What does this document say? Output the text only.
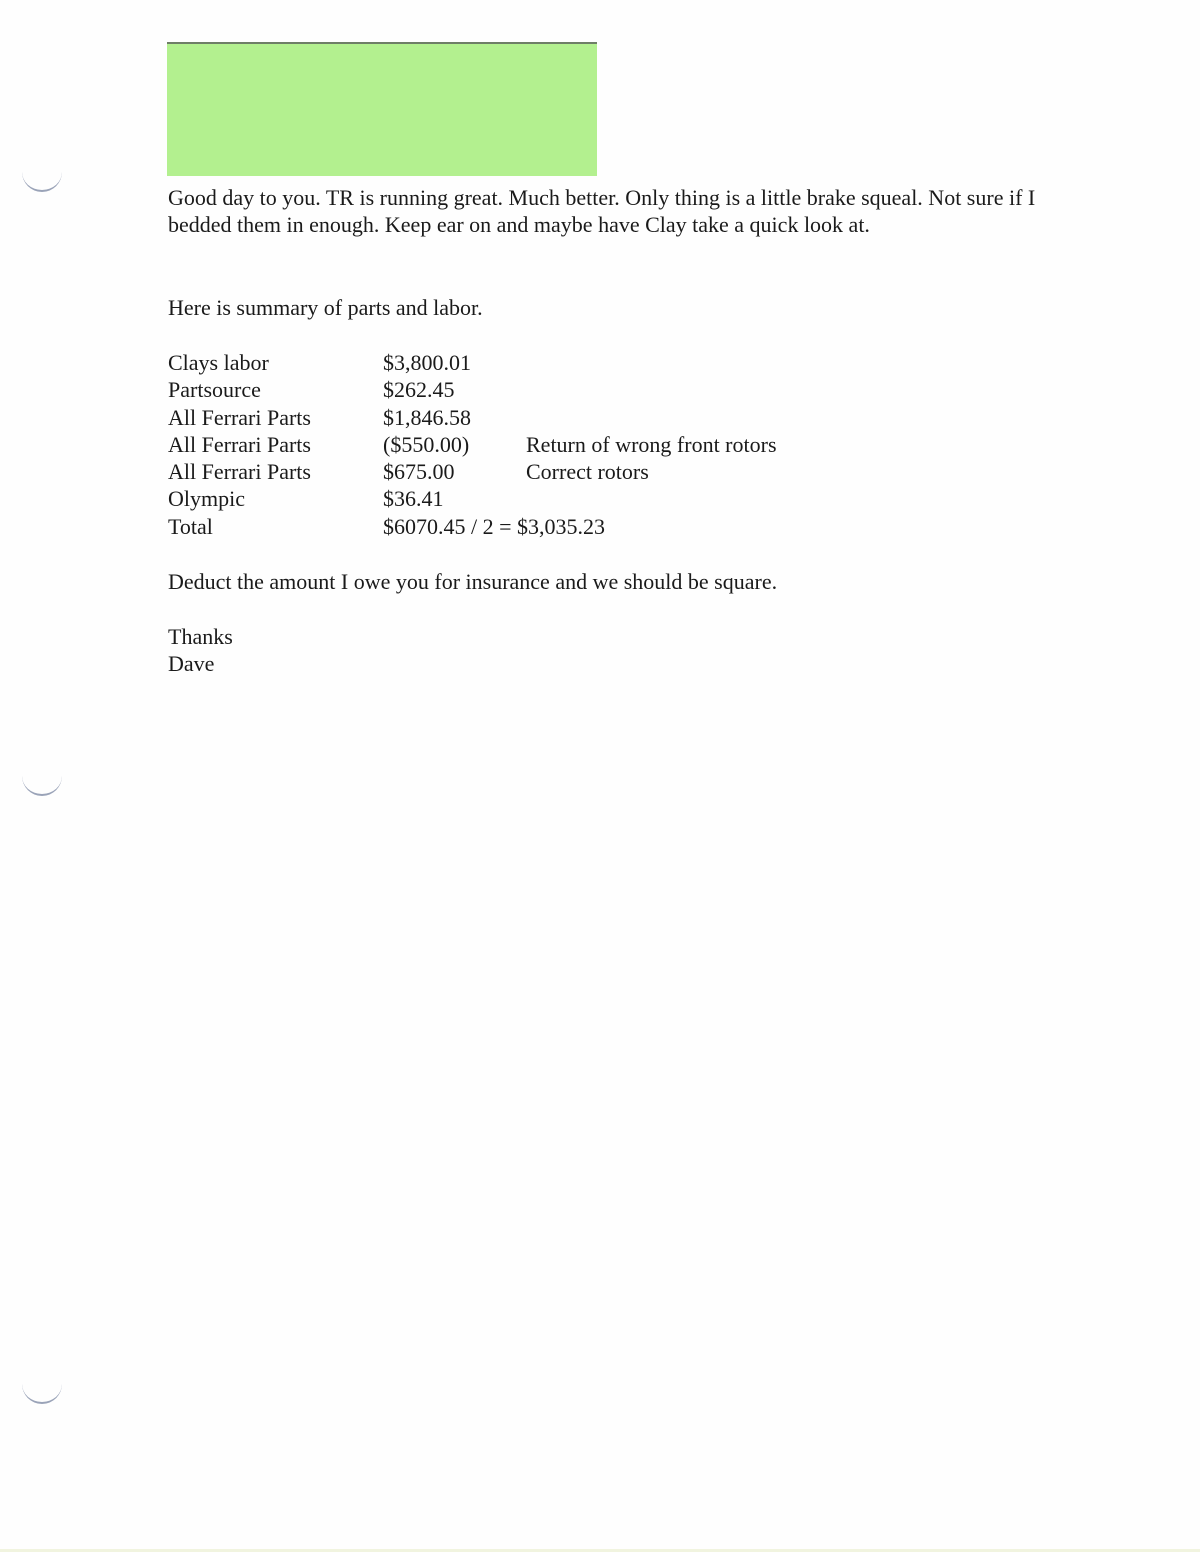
Good day to you. TR is running great. Much better. Only thing is a little brake squeal. Not sure if I bedded them in enough. Keep ear on and maybe have Clay take a quick look at.
Here is summary of parts and labor.
Clays labor	$3,800.01
Partsource	$262.45
All Ferrari Parts	$1,846.58
All Ferrari Parts	($550.00)	Return of wrong front rotors
All Ferrari Parts	$675.00	Correct rotors
Olympic	$36.41
Total	$6070.45 / 2 = $3,035.23
Deduct the amount I owe you for insurance and we should be square.
Thanks
Dave
